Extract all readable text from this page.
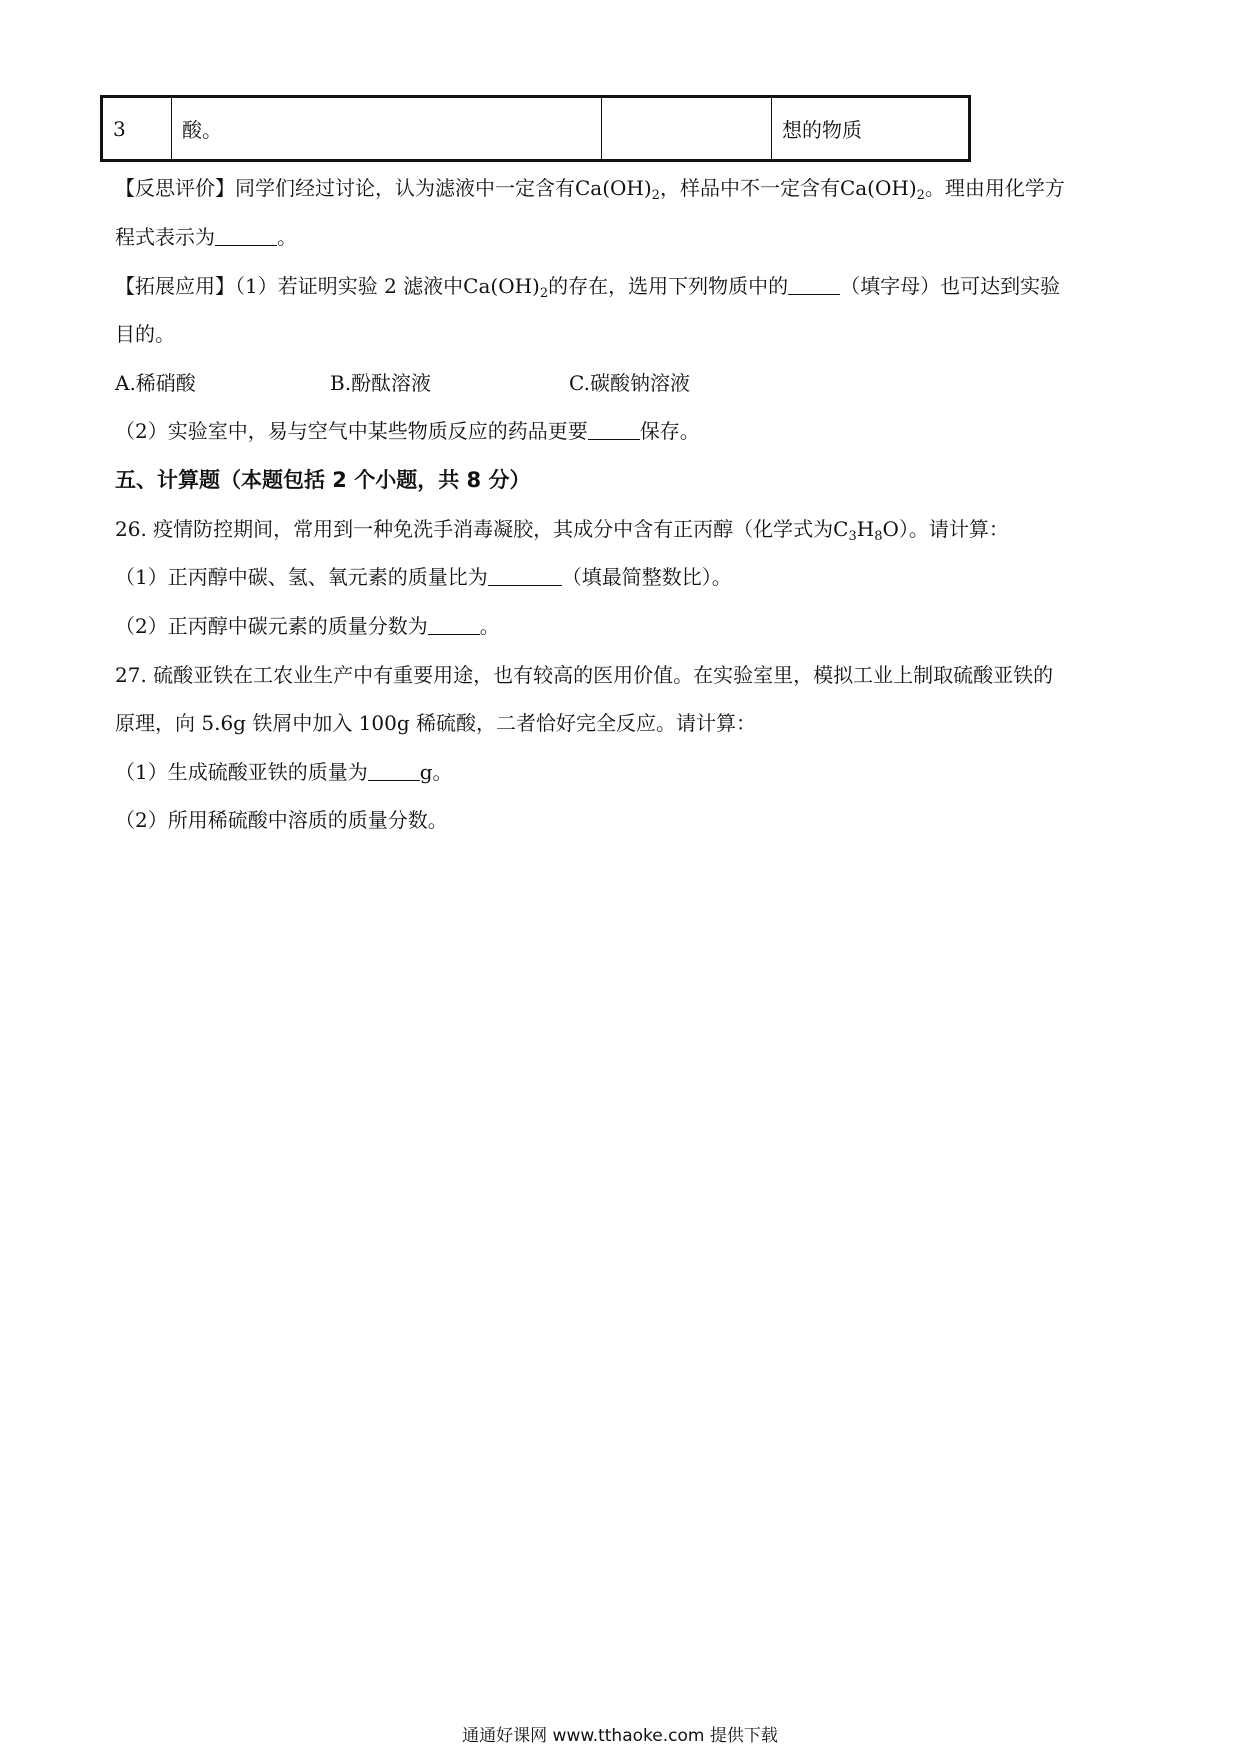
3	酸。		想的物质
【反思评价】同学们经过讨论，认为滤液中一定含有$Ca(OH)_2$，样品中不一定含有$Ca(OH)_2$。理由用化学方
程式表示为	。
【拓展应用】（1）若证明实验 2 滤液中$Ca(OH)_2$的存在，选用下列物质中的	（填字母）也可达到实验
目的。
A.稀硝酸	B.酚酞溶液	C.碳酸钠溶液
（2）实验室中，易与空气中某些物质反应的药品更要	保存。
五、计算题（本题包括 2 个小题，共 8 分）
26. 疫情防控期间，常用到一种免洗手消毒凝胶，其成分中含有正丙醇（化学式为$C_3H_8O$）。请计算：
（1）正丙醇中碳、氢、氧元素的质量比为	（填最简整数比）。
（2）正丙醇中碳元素的质量分数为	。
27. 硫酸亚铁在工农业生产中有重要用途，也有较高的医用价值。在实验室里，模拟工业上制取硫酸亚铁的
原理，向 5.6g 铁屑中加入 100g 稀硫酸，二者恰好完全反应。请计算：
（1）生成硫酸亚铁的质量为	g。
（2）所用稀硫酸中溶质的质量分数。
通通好课网 www.tthaoke.com 提供下载
